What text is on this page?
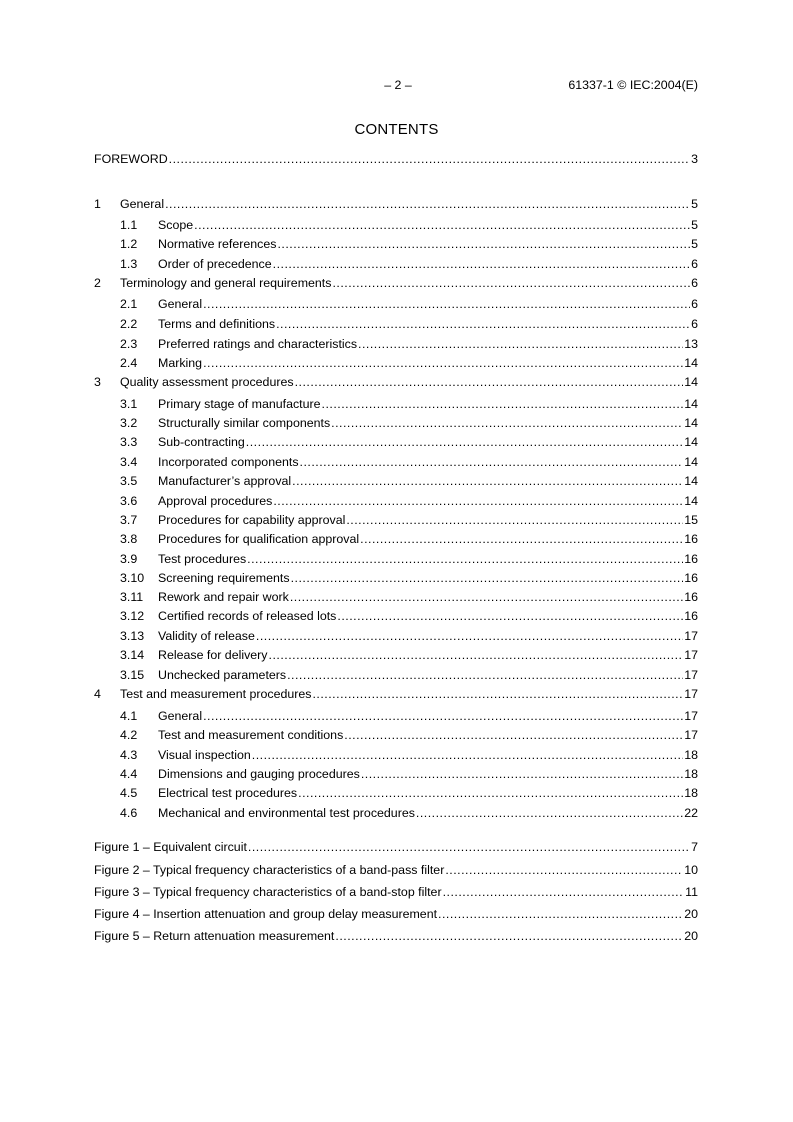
– 2 –	61337-1 © IEC:2004(E)
CONTENTS
FOREWORD .....	3
1	General .....	5
1.1	Scope .....	5
1.2	Normative references .....	5
1.3	Order of precedence .....	6
2	Terminology and general requirements .....	6
2.1	General .....	6
2.2	Terms and definitions .....	6
2.3	Preferred ratings and characteristics .....	13
2.4	Marking .....	14
3	Quality assessment procedures .....	14
3.1	Primary stage of manufacture .....	14
3.2	Structurally similar components .....	14
3.3	Sub-contracting .....	14
3.4	Incorporated components .....	14
3.5	Manufacturer’s approval .....	14
3.6	Approval procedures .....	14
3.7	Procedures for capability approval .....	15
3.8	Procedures for qualification approval .....	16
3.9	Test procedures .....	16
3.10	Screening requirements .....	16
3.11	Rework and repair work .....	16
3.12	Certified records of released lots .....	16
3.13	Validity of release .....	17
3.14	Release for delivery .....	17
3.15	Unchecked parameters .....	17
4	Test and measurement procedures .....	17
4.1	General .....	17
4.2	Test and measurement conditions .....	17
4.3	Visual inspection .....	18
4.4	Dimensions and gauging procedures .....	18
4.5	Electrical test procedures .....	18
4.6	Mechanical and environmental test procedures .....	22
Figure 1 – Equivalent circuit .....	7
Figure 2 – Typical frequency characteristics of a band-pass filter .....	10
Figure 3 – Typical frequency characteristics of a band-stop filter .....	11
Figure 4 – Insertion attenuation and group delay measurement .....	20
Figure 5 – Return attenuation measurement .....	20
